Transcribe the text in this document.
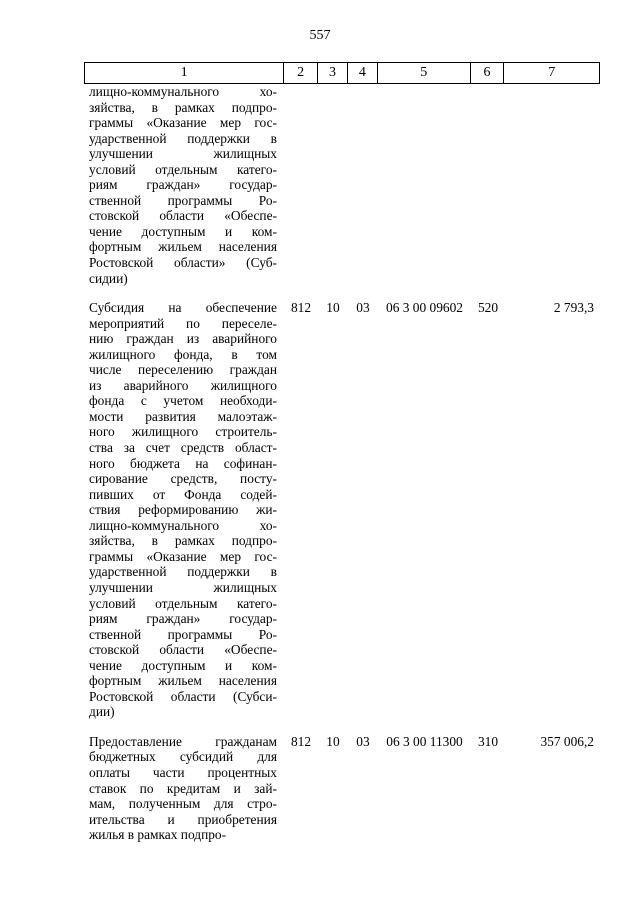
557
1	2	3	4	5	6	7
лищно-коммунального хо-
зяйства, в рамках подпро-
граммы «Оказание мер гос-
ударственной поддержки в
улучшении жилищных
условий отдельным катего-
риям граждан» государ-
ственной программы Ро-
стовской области «Обеспе-
чение доступным и ком-
фортным жильем населения
Ростовской области» (Суб-
сидии)
Субсидия на обеспечение
мероприятий по переселе-
нию граждан из аварийного
жилищного фонда, в том
числе переселению граждан
из аварийного жилищного
фонда с учетом необходи-
мости развития малоэтаж-
ного жилищного строитель-
ства за счет средств област-
ного бюджета на софинан-
сирование средств, посту-
пивших от Фонда содей-
ствия реформированию жи-
лищно-коммунального хо-
зяйства, в рамках подпро-
граммы «Оказание мер гос-
ударственной поддержки в
улучшении жилищных
условий отдельным катего-
риям граждан» государ-
ственной программы Ро-
стовской области «Обеспе-
чение доступным и ком-
фортным жильем населения
Ростовской области (Субси-
дии)
812	10	03	06 3 00 09602	520	2 793,3
Предоставление гражданам
бюджетных субсидий для
оплаты части процентных
ставок по кредитам и зай-
мам, полученным для стро-
ительства и приобретения
жилья в рамках подпро-
812	10	03	06 3 00 11300	310	357 006,2
